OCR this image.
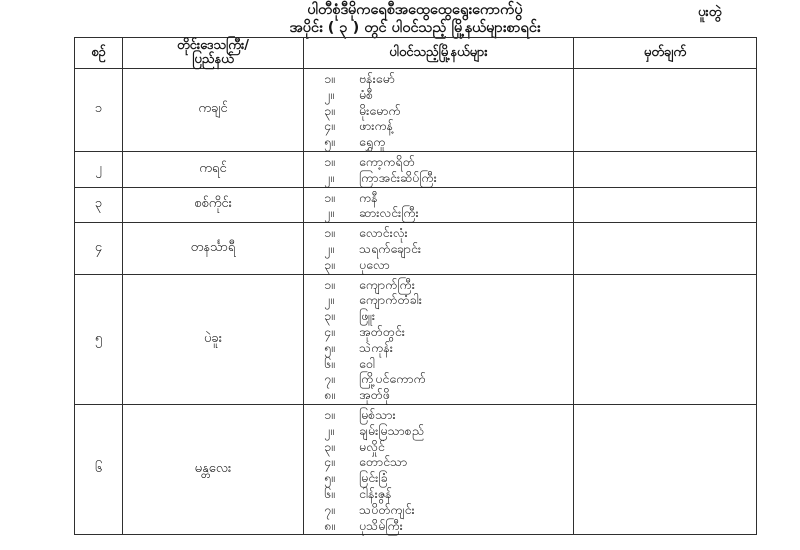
ပါတီစုံဒီမိုကရေစီအထွေထွေရွေးကောက်ပွဲ
အပိုင်း ( ၃ ) တွင် ပါဝင်သည့် မြို့နယ်များစာရင်း
ပူးတွဲ
စဉ်	တိုင်းဒေသကြီး/
ပြည်နယ်	ပါဝင်သည့်မြို့နယ်များ	မှတ်ချက်
၁	ကချင်	၁။ ဗန်းမော်
၂။ မံစီ
၃။ မိုးမောက်
၄။ ဖားကန့်
၅။ ရွှေကူ	

၂	ကရင်	၁။ ကော့ကရိတ်
၂။ ကြာအင်းဆိပ်ကြီး	

၃	စစ်ကိုင်း	၁။ ကနီ
၂။ ဆားလင်းကြီး	

၄	တနင်္သာရီ	၁။ လောင်းလုံး
၂။ သရက်ချောင်း
၃။ ပုလော	

၅	ပဲခူး	
၁။ ကျောက်ကြီး
၂။ ကျောက်တံခါး
၃။ ဖြူး
၄။ အုတ်တွင်း
၅။ သဲကုန်း
၆။ ဝေါ
၇။ ကြို့ပင်ကောက်
၈။ အုတ်ဖို

၆	မန္တလေး	
၁။ မြစ်သား
၂။ ချမ်းမြသာစည်
၃။ မလှိုင်
၄။ တောင်သာ
၅။ မြင်းခြံ
၆။ ငါန်းဇွန်
၇။ သပိတ်ကျင်း
၈။ ပုသိမ်ကြီး
